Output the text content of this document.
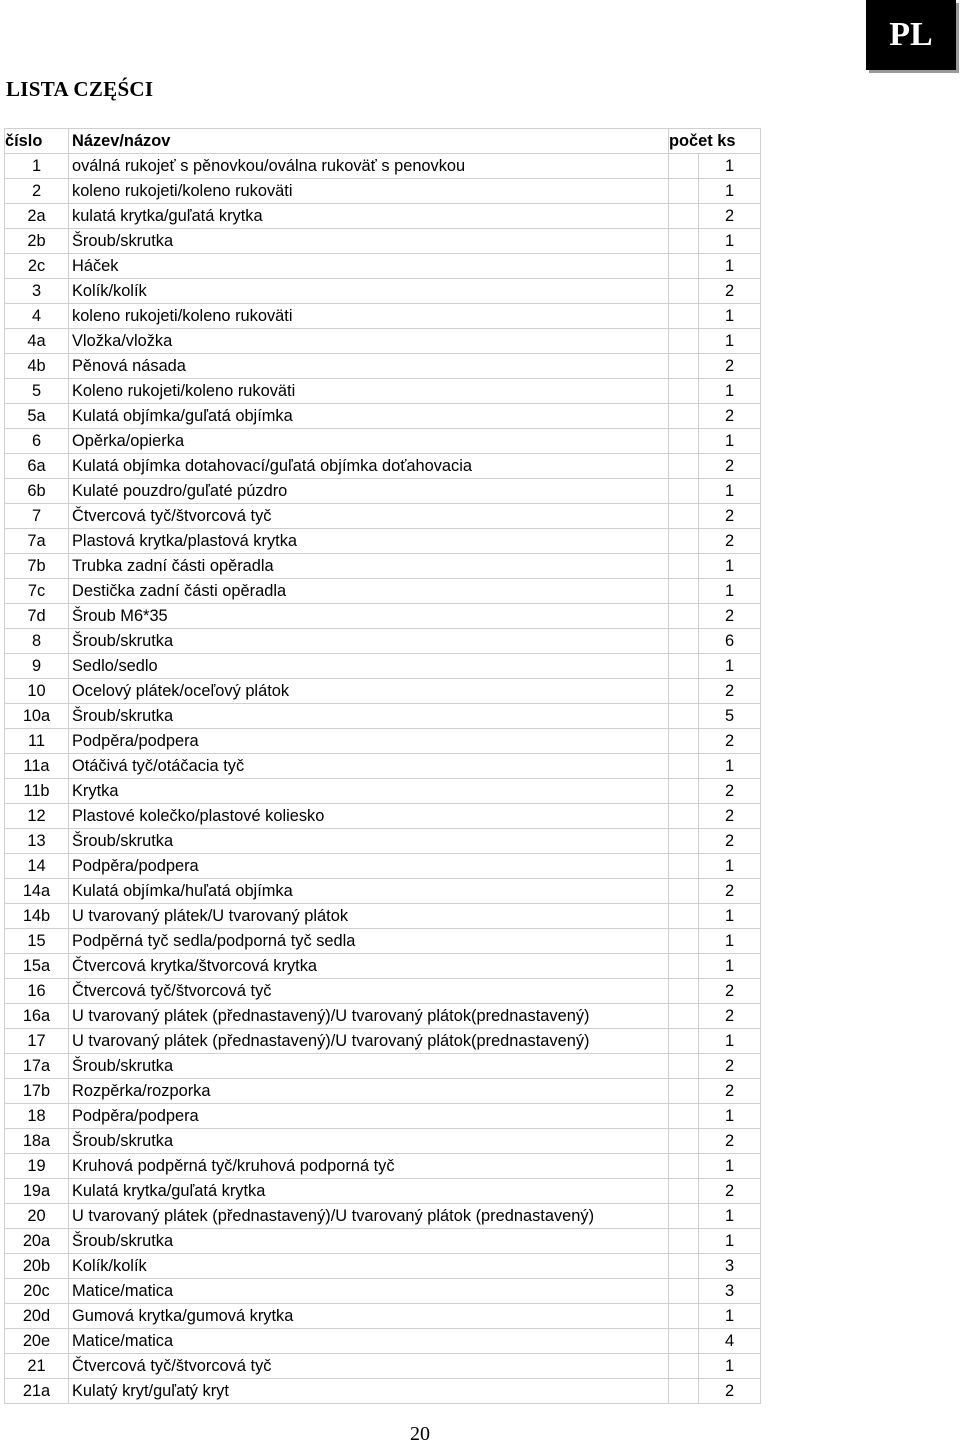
PL
LISTA CZĘŚCI
číslo	Název/názov	počet ks	
1	oválná rukojeť s pěnovkou/oválna rukoväť s penovkou		1
2	koleno rukojeti/koleno rukoväti		1
2a	kulatá krytka/guľatá krytka		2
2b	Šroub/skrutka		1
2c	Háček		1
3	Kolík/kolík		2
4	koleno rukojeti/koleno rukoväti		1
4a	Vložka/vložka		1
4b	Pěnová násada		2
5	Koleno rukojeti/koleno rukoväti		1
5a	Kulatá objímka/guľatá objímka		2
6	Opěrka/opierka		1
6a	Kulatá objímka dotahovací/guľatá objímka doťahovacia		2
6b	Kulaté pouzdro/guľaté púzdro		1
7	Čtvercová tyč/štvorcová tyč		2
7a	Plastová krytka/plastová krytka		2
7b	Trubka zadní části opěradla		1
7c	Destička zadní části opěradla		1
7d	Šroub M6*35		2
8	Šroub/skrutka		6
9	Sedlo/sedlo		1
10	Ocelový plátek/oceľový plátok		2
10a	Šroub/skrutka		5
11	Podpěra/podpera		2
11a	Otáčivá tyč/otáčacia tyč		1
11b	Krytka		2
12	Plastové kolečko/plastové koliesko		2
13	Šroub/skrutka		2
14	Podpěra/podpera		1
14a	Kulatá objímka/huľatá objímka		2
14b	U tvarovaný plátek/U tvarovaný plátok		1
15	Podpěrná tyč sedla/podporná tyč sedla		1
15a	Čtvercová krytka/štvorcová krytka		1
16	Čtvercová tyč/štvorcová tyč		2
16a	U tvarovaný plátek (přednastavený)/U tvarovaný plátok(prednastavený)		2
17	U tvarovaný plátek (přednastavený)/U tvarovaný plátok(prednastavený)		1
17a	Šroub/skrutka		2
17b	Rozpěrka/rozporka		2
18	Podpěra/podpera		1
18a	Šroub/skrutka		2
19	Kruhová podpěrná tyč/kruhová podporná tyč		1
19a	Kulatá krytka/guľatá krytka		2
20	U tvarovaný plátek (přednastavený)/U tvarovaný plátok (prednastavený)		1
20a	Šroub/skrutka		1
20b	Kolík/kolík		3
20c	Matice/matica		3
20d	Gumová krytka/gumová krytka		1
20e	Matice/matica		4
21	Čtvercová tyč/štvorcová tyč		1
21a	Kulatý kryt/guľatý kryt		2
20
